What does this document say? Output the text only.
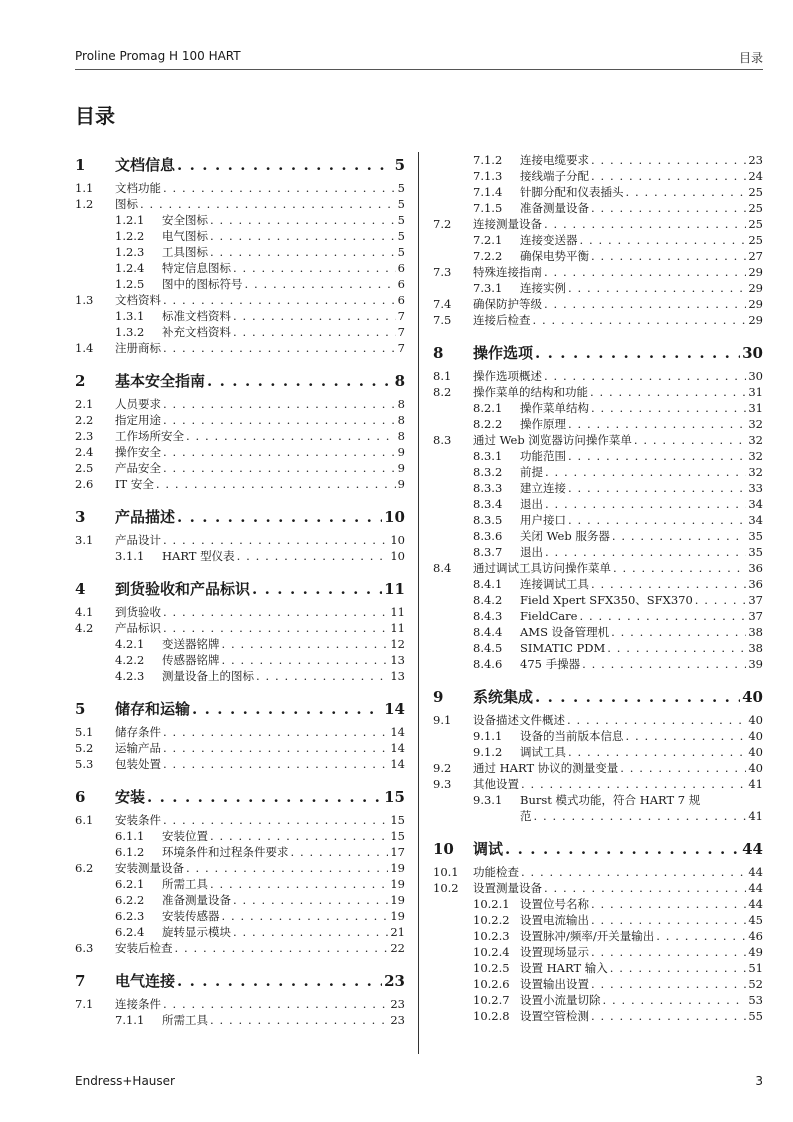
Proline Promag H 100 HART	目录
目录
1 文档信息 . . .	5
1.1 文档功能 . . .	5
1.2 图标 . . .	5
1.2.1 安全图标 . . .	5
1.2.2 电气图标 . . .	5
1.2.3 工具图标 . . .	5
1.2.4 特定信息图标 . . .	6
1.2.5 图中的图标符号 . . .	6
1.3 文档资料 . . .	6
1.3.1 标准文档资料 . . .	7
1.3.2 补充文档资料 . . .	7
1.4 注册商标 . . .	7
2 基本安全指南 . . .	8
2.1 人员要求 . . .	8
2.2 指定用途 . . .	8
2.3 工作场所安全 . . .	8
2.4 操作安全 . . .	9
2.5 产品安全 . . .	9
2.6 IT 安全 . . .	9
3 产品描述 . . .	10
3.1 产品设计 . . .	10
3.1.1 HART 型仪表 . . .	10
4 到货验收和产品标识 . . .	11
4.1 到货验收 . . .	11
4.2 产品标识 . . .	11
4.2.1 变送器铭牌 . . .	12
4.2.2 传感器铭牌 . . .	13
4.2.3 测量设备上的图标 . . .	13
5 储存和运输 . . .	14
5.1 储存条件 . . .	14
5.2 运输产品 . . .	14
5.3 包装处置 . . .	14
6 安装 . . .	15
6.1 安装条件 . . .	15
6.1.1 安装位置 . . .	15
6.1.2 环境条件和过程条件要求 . . .	17
6.2 安装测量设备 . . .	19
6.2.1 所需工具 . . .	19
6.2.2 准备测量设备 . . .	19
6.2.3 安装传感器 . . .	19
6.2.4 旋转显示模块 . . .	21
6.3 安装后检查 . . .	22
7 电气连接 . . .	23
7.1 连接条件 . . .	23
7.1.1 所需工具 . . .	23
7.1.2 连接电缆要求 . . .	23
7.1.3 接线端子分配 . . .	24
7.1.4 针脚分配和仪表插头 . . .	25
7.1.5 准备测量设备 . . .	25
7.2 连接测量设备 . . .	25
7.2.1 连接变送器 . . .	25
7.2.2 确保电势平衡 . . .	27
7.3 特殊连接指南 . . .	29
7.3.1 连接实例 . . .	29
7.4 确保防护等级 . . .	29
7.5 连接后检查 . . .	29
8 操作选项 . . .	30
8.1 操作选项概述 . . .	30
8.2 操作菜单的结构和功能 . . .	31
8.2.1 操作菜单结构 . . .	31
8.2.2 操作原理 . . .	32
8.3 通过 Web 浏览器访问操作菜单 . . .	32
8.3.1 功能范围 . . .	32
8.3.2 前提 . . .	32
8.3.3 建立连接 . . .	33
8.3.4 退出 . . .	34
8.3.5 用户接口 . . .	34
8.3.6 关闭 Web 服务器 . . .	35
8.3.7 退出 . . .	35
8.4 通过调试工具访问操作菜单 . . .	36
8.4.1 连接调试工具 . . .	36
8.4.2 Field Xpert SFX350、SFX370 . . .	37
8.4.3 FieldCare . . .	37
8.4.4 AMS 设备管理机 . . .	38
8.4.5 SIMATIC PDM . . .	38
8.4.6 475 手操器 . . .	39
9 系统集成 . . .	40
9.1 设备描述文件概述 . . .	40
9.1.1 设备的当前版本信息 . . .	40
9.1.2 调试工具 . . .	40
9.2 通过 HART 协议的测量变量 . . .	40
9.3 其他设置 . . .	41
9.3.1 Burst 模式功能，符合 HART 7 规
范 . . .	41
10 调试 . . .	44
10.1 功能检查 . . .	44
10.2 设置测量设备 . . .	44
10.2.1 设置位号名称 . . .	44
10.2.2 设置电流输出 . . .	45
10.2.3 设置脉冲/频率/开关量输出 . . .	46
10.2.4 设置现场显示 . . .	49
10.2.5 设置 HART 输入 . . .	51
10.2.6 设置输出设置 . . .	52
10.2.7 设置小流量切除 . . .	53
10.2.8 设置空管检测 . . .	55
Endress+Hauser	3
